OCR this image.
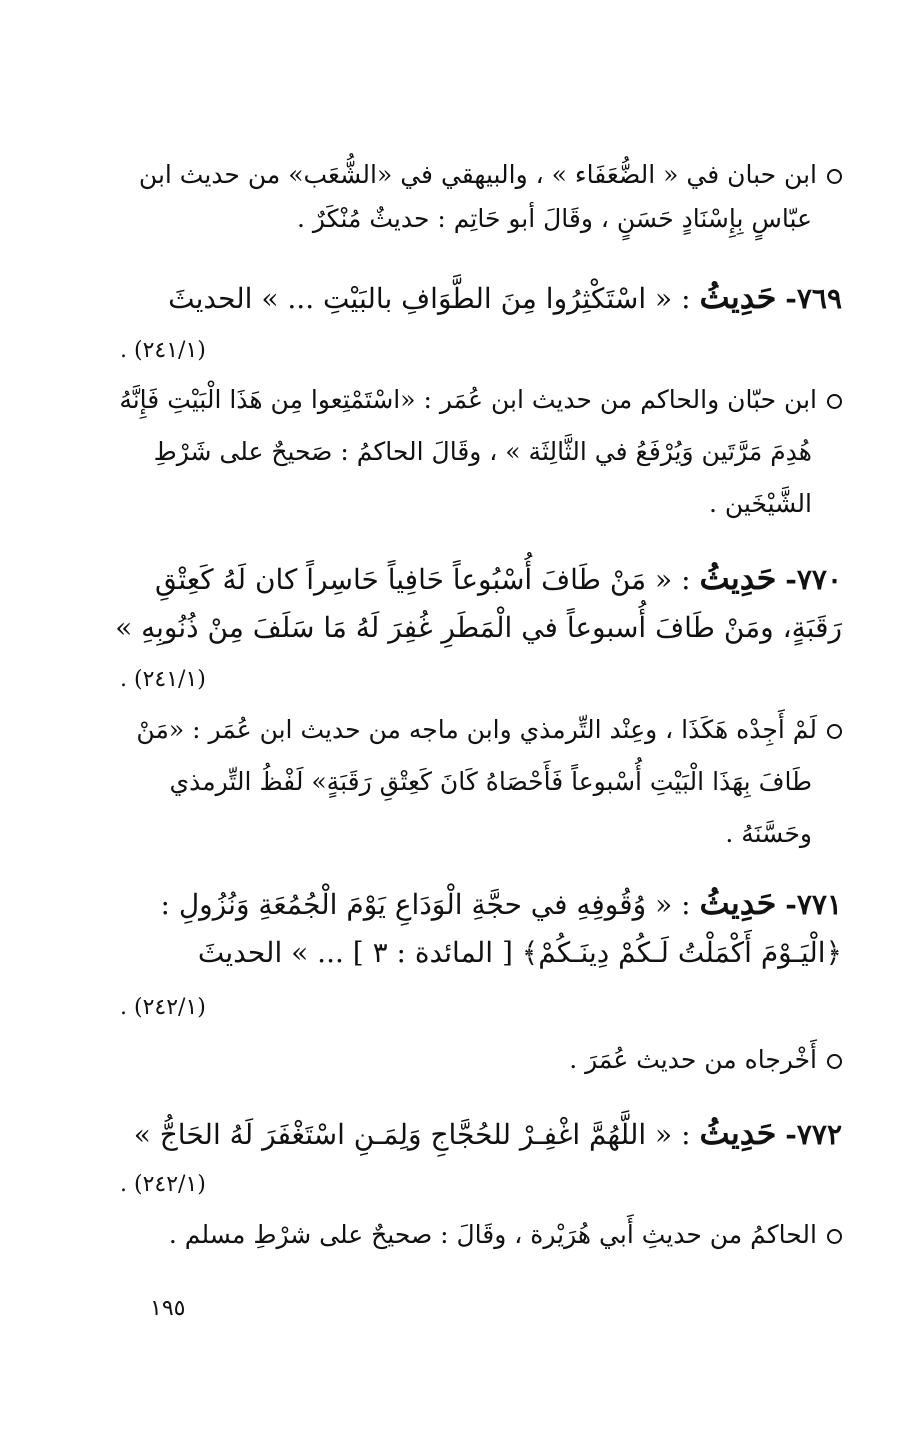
ابن حبان في « الضُّعَفَاء » ، والبيهقي في «الشُّعَب» من حديث ابن
عبّاسٍ بِإِسْنَادٍ حَسَنٍ ، وقَالَ أبو حَاتِم : حديثٌ مُنْكَرٌ .
٧٦٩- حَدِيثُ : « اسْتَكْثِرُوا مِنَ الطَّوَافِ بالبَيْتِ ... » الحديثَ
(٢٤١/١) .
ابن حبّان والحاكم من حديث ابن عُمَر : «اسْتَمْتِعوا مِن هَذَا الْبَيْتِ فَإِنَّهُ
هُدِمَ مَرَّتَين وَيُرْفَعُ في الثَّالِثَة » ، وقَالَ الحاكمُ : صَحيحٌ على شَرْطِ
الشَّيْخَين .
٧٧٠- حَدِيثُ : « مَنْ طَافَ أُسْبُوعاً حَافِياً حَاسِراً كان لَهُ كَعِتْقِ
رَقَبَةٍ، ومَنْ طَافَ أُسبوعاً في الْمَطَرِ غُفِرَ لَهُ مَا سَلَفَ مِنْ ذُنُوبِهِ »
(٢٤١/١) .
لَمْ أَجِدْه هَكَذَا ، وعِنْد التِّرمذي وابن ماجه من حديث ابن عُمَر : «مَنْ
طَافَ بِهَذَا الْبَيْتِ أُسْبوعاً فَأَحْصَاهُ كَانَ كَعِتْقِ رَقَبَةٍ» لَفْظُ التِّرمذي
وحَسَّنَهُ .
٧٧١- حَدِيثُ : « وُقُوفِهِ في حجَّةِ الْوَدَاعِ يَوْمَ الْجُمُعَةِ وَنُزُولِ :
﴿الْيَـوْمَ أَكْمَلْتُ لَـكُمْ دِينَـكُمْ﴾ [ المائدة : ٣ ] ... » الحديثَ
(٢٤٢/١) .
أَخْرجاه من حديث عُمَرَ .
٧٧٢- حَدِيثُ : « اللَّهُمَّ اغْفِـرْ للحُجَّاجِ وَلِمَـنِ اسْتَغْفَرَ لَهُ الحَاجُّ »
(٢٤٢/١) .
الحاكمُ من حديثِ أَبي هُرَيْرة ، وقَالَ : صحيحٌ على شرْطِ مسلم .
١٩٥
